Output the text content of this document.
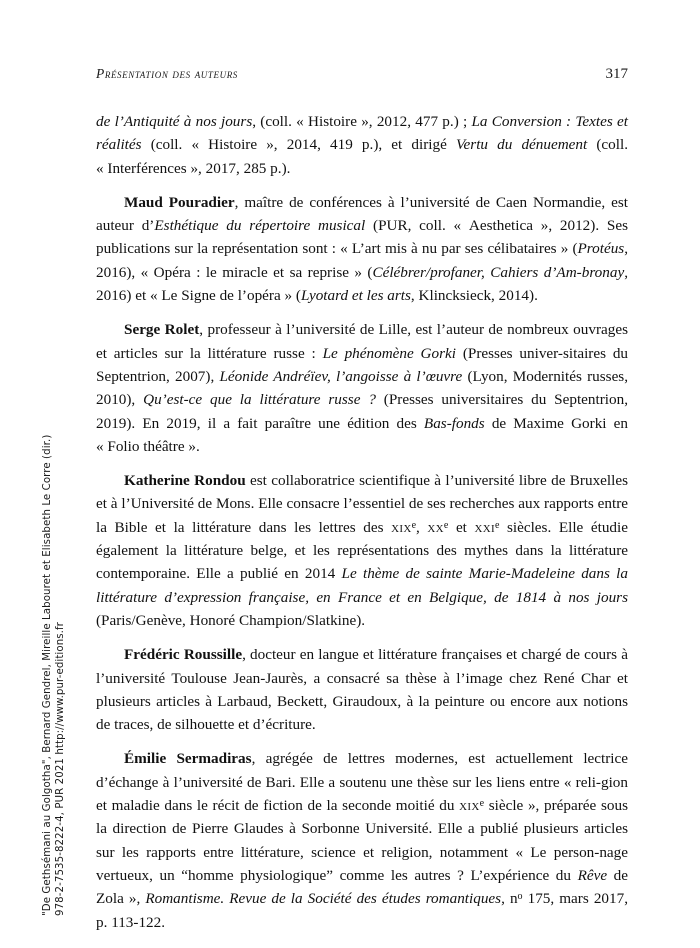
Présentation des auteurs	317

de l’Antiquité à nos jours, (coll. « Histoire », 2012, 477 p.) ; La Conversion : Textes et réalités (coll. « Histoire », 2014, 419 p.), et dirigé Vertu du dénuement (coll. « Interférences », 2017, 285 p.).

Maud Pouradier, maître de conférences à l’université de Caen Normandie, est auteur d’Esthétique du répertoire musical (PUR, coll. « Aesthetica », 2012). Ses publications sur la représentation sont : « L’art mis à nu par ses célibataires » (Protéus, 2016), « Opéra : le miracle et sa reprise » (Célébrer/profaner, Cahiers d’Am-bronay, 2016) et « Le Signe de l’opéra » (Lyotard et les arts, Klincksieck, 2014).

Serge Rolet, professeur à l’université de Lille, est l’auteur de nombreux ouvrages et articles sur la littérature russe : Le phénomène Gorki (Presses univer-sitaires du Septentrion, 2007), Léonide Andréïev, l’angoisse à l’œuvre (Lyon, Modernités russes, 2010), Qu’est-ce que la littérature russe ? (Presses universitaires du Septentrion, 2019). En 2019, il a fait paraître une édition des Bas-fonds de Maxime Gorki en « Folio théâtre ».

Katherine Rondou est collaboratrice scientifique à l’université libre de Bruxelles et à l’Université de Mons. Elle consacre l’essentiel de ses recherches aux rapports entre la Bible et la littérature dans les lettres des xix$^e$, $xx^e$ et xxi$^e$ siècles. Elle étudie également la littérature belge, et les représentations des mythes dans la littérature contemporaine. Elle a publié en 2014 Le thème de sainte Marie-Madeleine dans la littérature d’expression française, en France et en Belgique, de 1814 à nos jours (Paris/Genève, Honoré Champion/Slatkine).

Frédéric Roussille, docteur en langue et littérature françaises et chargé de cours à l’université Toulouse Jean-Jaurès, a consacré sa thèse à l’image chez René Char et plusieurs articles à Larbaud, Beckett, Giraudoux, à la peinture ou encore aux notions de traces, de silhouette et d’écriture.

Émilie Sermadiras, agrégée de lettres modernes, est actuellement lectrice d’échange à l’université de Bari. Elle a soutenu une thèse sur les liens entre « reli-gion et maladie dans le récit de fiction de la seconde moitié du xix$^e$ siècle », préparée sous la direction de Pierre Glaudes à Sorbonne Université. Elle a publié plusieurs articles sur les rapports entre littérature, science et religion, notamment « Le person-nage vertueux, un “homme physiologique” comme les autres ? L’expérience du Rêve de Zola », Romantisme. Revue de la Société des études romantiques, $n^o$ 175, mars 2017, p. 113-122.

"De Gethsémani au Golgotha", Bernard Gendrel, Mireille Labouret et Elisabeth Le Corre (dir.) 978-2-7535-8222-4, PUR 2021 http://www.pur-editions.fr
